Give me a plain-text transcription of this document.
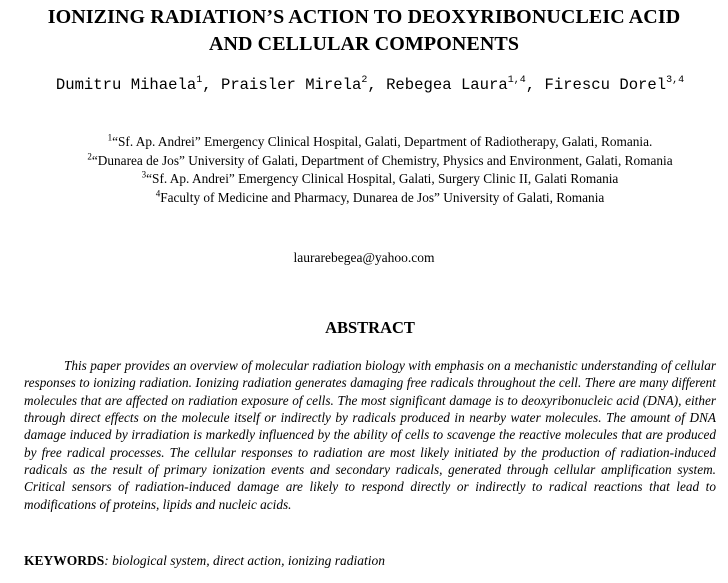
IONIZING RADIATION’S ACTION TO DEOXYRIBONUCLEIC ACID
AND CELLULAR COMPONENTS
Dumitru Mihaela$^1$, Praisler Mirela$^2$, Rebegea Laura$^{1,4}$, Firescu Dorel$^{3,4}$
$^1$“Sf. Ap. Andrei” Emergency Clinical Hospital, Galati, Department of Radiotherapy, Galati, Romania.
$^2$“Dunarea de Jos” University of Galati, Department of Chemistry, Physics and Environment, Galati, Romania
$^3$“Sf. Ap. Andrei” Emergency Clinical Hospital, Galati, Surgery Clinic II, Galati Romania
$^4$Faculty of Medicine and Pharmacy, Dunarea de Jos” University of Galati, Romania
laurarebegea@yahoo.com
ABSTRACT
This paper provides an overview of molecular radiation biology with emphasis on a mechanistic understanding of cellular responses to ionizing radiation. Ionizing radiation generates damaging free radicals throughout the cell. There are many different molecules that are affected on radiation exposure of cells. The most significant damage is to deoxyribonucleic acid (DNA), either through direct effects on the molecule itself or indirectly by radicals produced in nearby water molecules. The amount of DNA damage induced by irradiation is markedly influenced by the ability of cells to scavenge the reactive molecules that are produced by free radical processes. The cellular responses to radiation are most likely initiated by the production of radiation-induced radicals as the result of primary ionization events and secondary radicals, generated through cellular amplification system. Critical sensors of radiation-induced damage are likely to respond directly or indirectly to radical reactions that lead to modifications of proteins, lipids and nucleic acids.
KEYWORDS: biological system, direct action, ionizing radiation
